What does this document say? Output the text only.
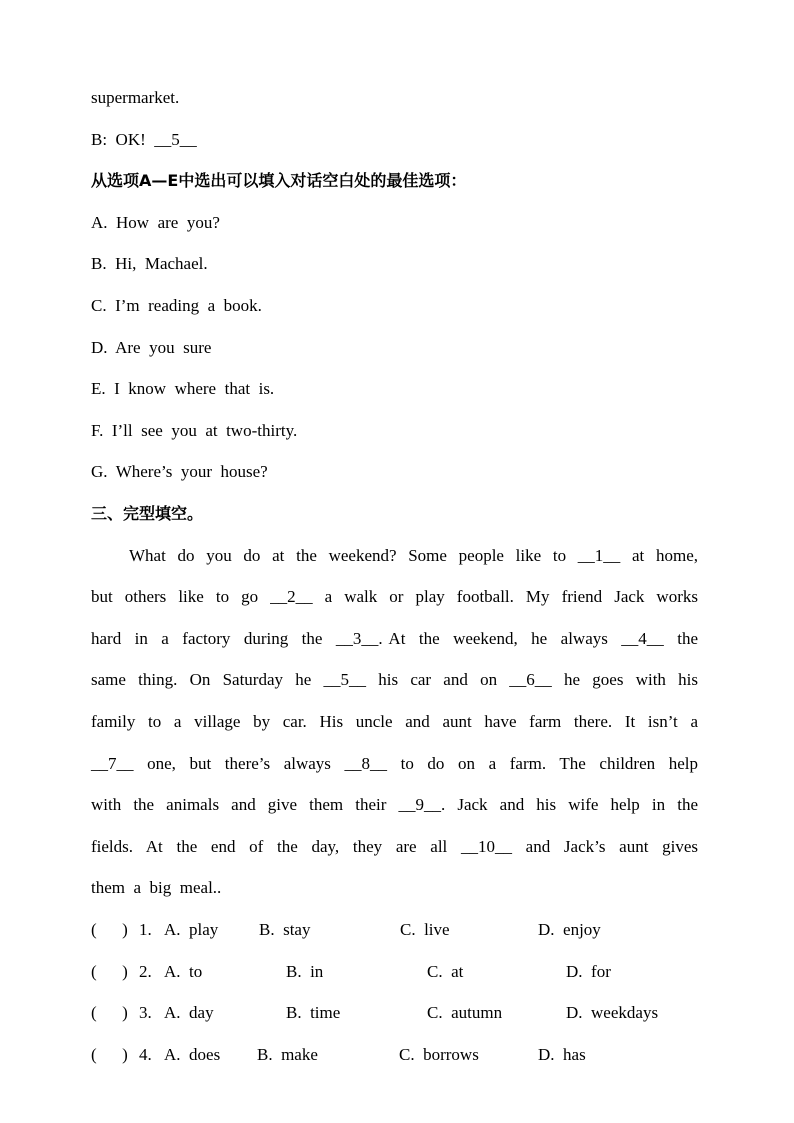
supermarket.
B:  OK!  __5__
从选项A—E中选出可以填入对话空白处的最佳选项：
A.  How  are  you?
B.  Hi,  Machael.
C.  I’m  reading  a  book.
D.  Are  you  sure
E.  I  know  where  that  is.
F.  I’ll  see  you  at  two-thirty.
G.  Where’s  your  house?
三、完型填空。
What  do  you  do  at  the  weekend?  Some  people  like  to  __1__  at  home,
but  others  like  to  go  __2__  a  walk  or  play  football.  My  friend  Jack  works
hard  in  a  factory  during  the  __3__. At  the  weekend,  he  always  __4__  the
same  thing.  On  Saturday  he  __5__  his  car  and  on  __6__  he  goes  with  his
family  to  a  village  by  car.  His  uncle  and  aunt  have  farm  there.  It  isn’t  a
__7__  one,  but  there’s  always  __8__  to  do  on  a  farm.  The  children  help
with  the  animals  and  give  them  their  __9__.  Jack  and  his  wife  help  in  the
fields.  At  the  end  of  the  day,  they  are  all  __10__  and  Jack’s  aunt  gives
them  a  big  meal..
(      ) 1. A.  play B.  stay	C.  live	D.  enjoy
(      ) 2. A.  to	B.  in	C.  at	D.  for
(      ) 3. A.  day	B.  time	C.  autumn	D.  weekdays
(      ) 4. A.  does B.  make	C.  borrows	D.  has
